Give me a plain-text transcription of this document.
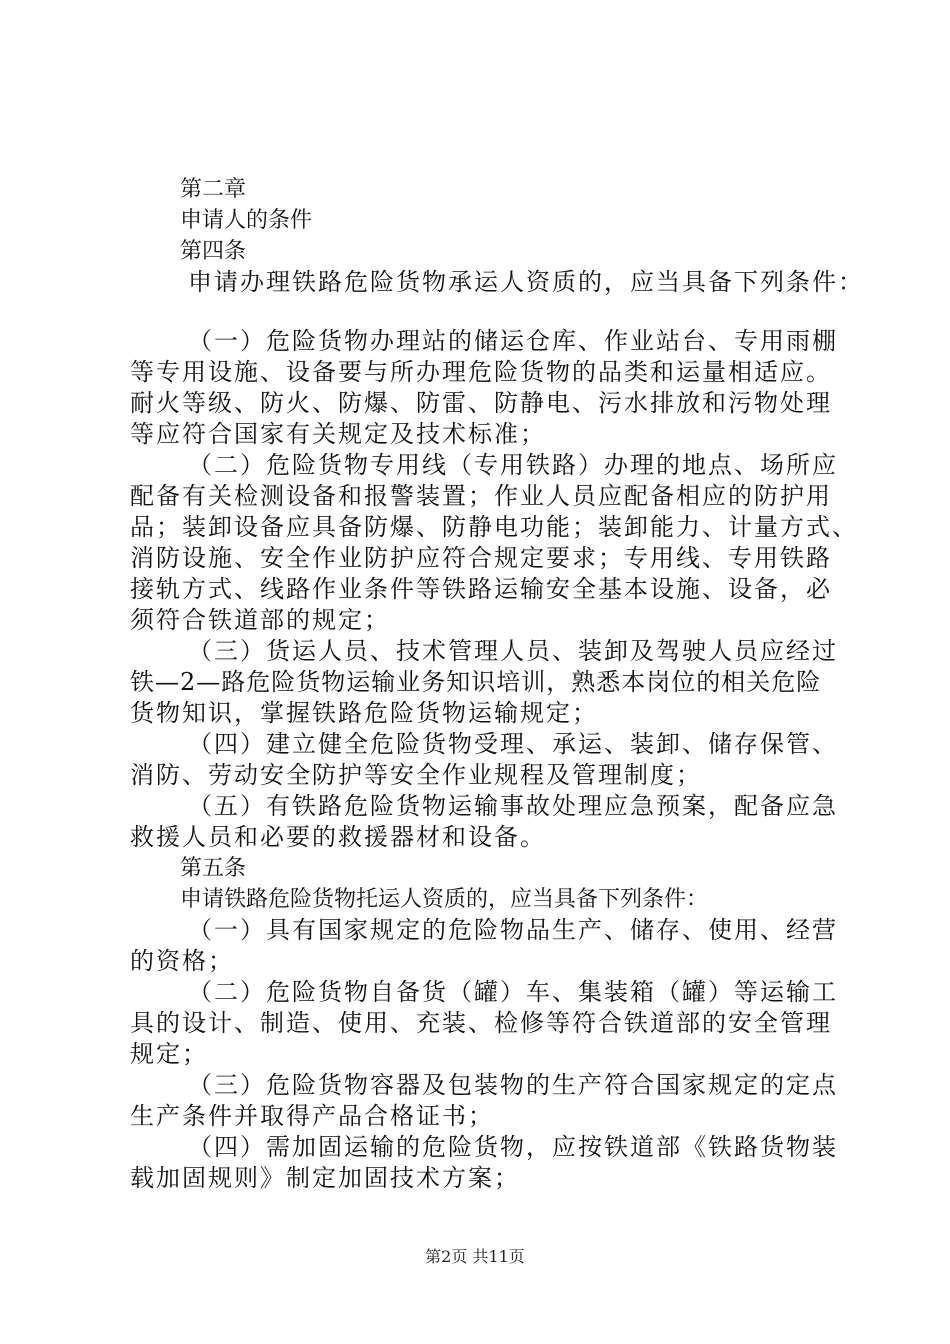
第二章
申请人的条件
第四条
申请办理铁路危险货物承运人资质的，应当具备下列条件：
（一）危险货物办理站的储运仓库、作业站台、专用雨棚
等专用设施、设备要与所办理危险货物的品类和运量相适应。
耐火等级、防火、防爆、防雷、防静电、污水排放和污物处理
等应符合国家有关规定及技术标准；
（二）危险货物专用线（专用铁路）办理的地点、场所应
配备有关检测设备和报警装置；作业人员应配备相应的防护用
品；装卸设备应具备防爆、防静电功能；装卸能力、计量方式、
消防设施、安全作业防护应符合规定要求；专用线、专用铁路
接轨方式、线路作业条件等铁路运输安全基本设施、设备，必
须符合铁道部的规定；
（三）货运人员、技术管理人员、装卸及驾驶人员应经过
铁—2—路危险货物运输业务知识培训，熟悉本岗位的相关危险
货物知识，掌握铁路危险货物运输规定；
（四）建立健全危险货物受理、承运、装卸、储存保管、
消防、劳动安全防护等安全作业规程及管理制度；
（五）有铁路危险货物运输事故处理应急预案，配备应急
救援人员和必要的救援器材和设备。
第五条
申请铁路危险货物托运人资质的，应当具备下列条件：
（一）具有国家规定的危险物品生产、储存、使用、经营
的资格；
（二）危险货物自备货（罐）车、集装箱（罐）等运输工
具的设计、制造、使用、充装、检修等符合铁道部的安全管理
规定；
（三）危险货物容器及包装物的生产符合国家规定的定点
生产条件并取得产品合格证书；
（四）需加固运输的危险货物，应按铁道部《铁路货物装
载加固规则》制定加固技术方案；
第2页 共11页
